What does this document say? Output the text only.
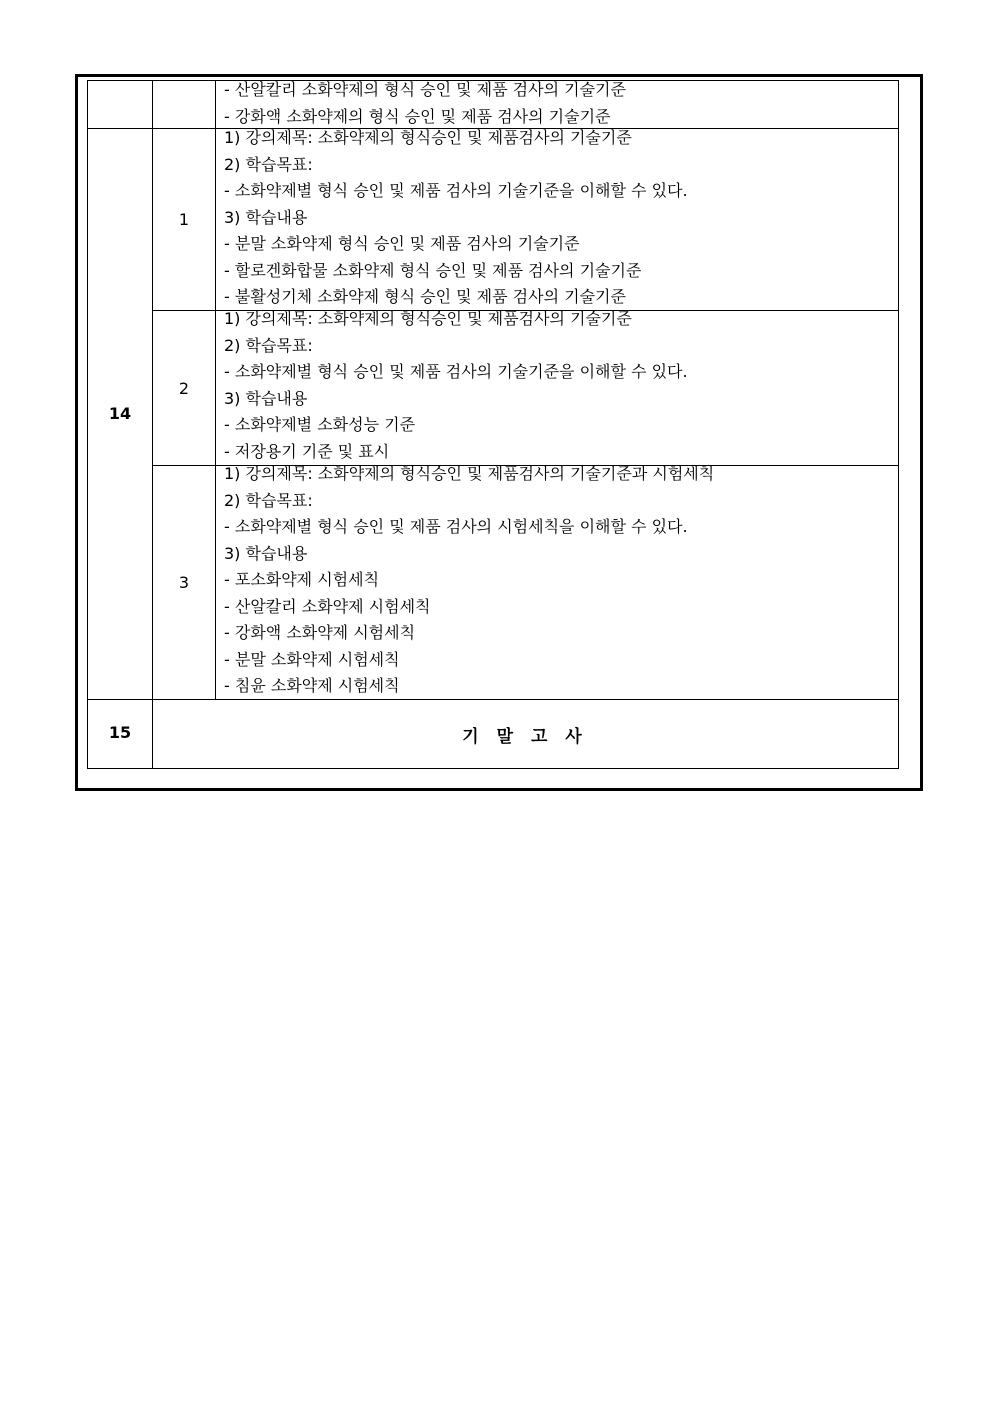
- 산알칼리 소화약제의 형식 승인 및 제품 검사의 기술기준
- 강화액 소화약제의 형식 승인 및 제품 검사의 기술기준
14
1
1) 강의제목: 소화약제의 형식승인 및 제품검사의 기술기준
2) 학습목표:
- 소화약제별 형식 승인 및 제품 검사의 기술기준을 이해할 수 있다.
3) 학습내용
- 분말 소화약제 형식 승인 및 제품 검사의 기술기준
- 할로겐화합물 소화약제 형식 승인 및 제품 검사의 기술기준
- 불활성기체 소화약제 형식 승인 및 제품 검사의 기술기준
2
1) 강의제목: 소화약제의 형식승인 및 제품검사의 기술기준
2) 학습목표:
- 소화약제별 형식 승인 및 제품 검사의 기술기준을 이해할 수 있다.
3) 학습내용
- 소화약제별 소화성능 기준
- 저장용기 기준 및 표시
3
1) 강의제목: 소화약제의 형식승인 및 제품검사의 기술기준과 시험세칙
2) 학습목표:
- 소화약제별 형식 승인 및 제품 검사의 시험세칙을 이해할 수 있다.
3) 학습내용
- 포소화약제 시험세칙
- 산알칼리 소화약제 시험세칙
- 강화액 소화약제 시험세칙
- 분말 소화약제 시험세칙
- 침윤 소화약제 시험세칙
15	기 말 고 사
